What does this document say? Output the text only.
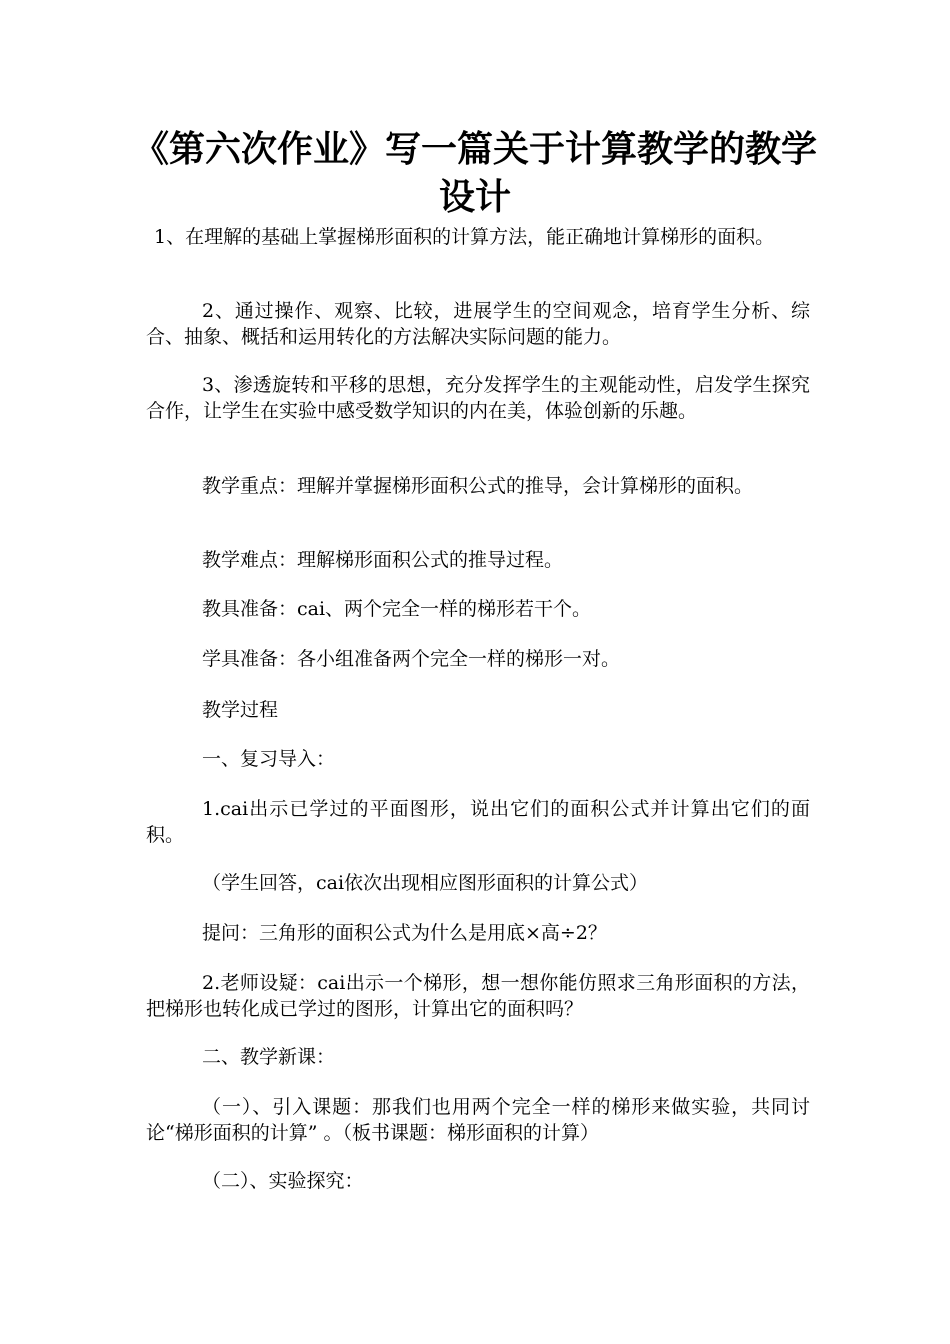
《第六次作业》写一篇关于计算教学的教学设计

1、在理解的基础上掌握梯形面积的计算方法，能正确地计算梯形的面积。

2、通过操作、观察、比较，进展学生的空间观念，培育学生分析、综合、抽象、概括和运用转化的方法解决实际问题的能力。

3、渗透旋转和平移的思想，充分发挥学生的主观能动性，启发学生探究合作，让学生在实验中感受数学知识的内在美，体验创新的乐趣。

教学重点：理解并掌握梯形面积公式的推导，会计算梯形的面积。

教学难点：理解梯形面积公式的推导过程。

教具准备：cai、两个完全一样的梯形若干个。

学具准备：各小组准备两个完全一样的梯形一对。

教学过程

一、复习导入：

1.cai出示已学过的平面图形，说出它们的面积公式并计算出它们的面积。

（学生回答，cai依次出现相应图形面积的计算公式）

提问：三角形的面积公式为什么是用底×高÷2？

2.老师设疑：cai出示一个梯形，想一想你能仿照求三角形面积的方法，把梯形也转化成已学过的图形，计算出它的面积吗？

二、教学新课：

（一）、引入课题：那我们也用两个完全一样的梯形来做实验，共同讨论“梯形面积的计算” 。（板书课题：梯形面积的计算）

（二）、实验探究：
